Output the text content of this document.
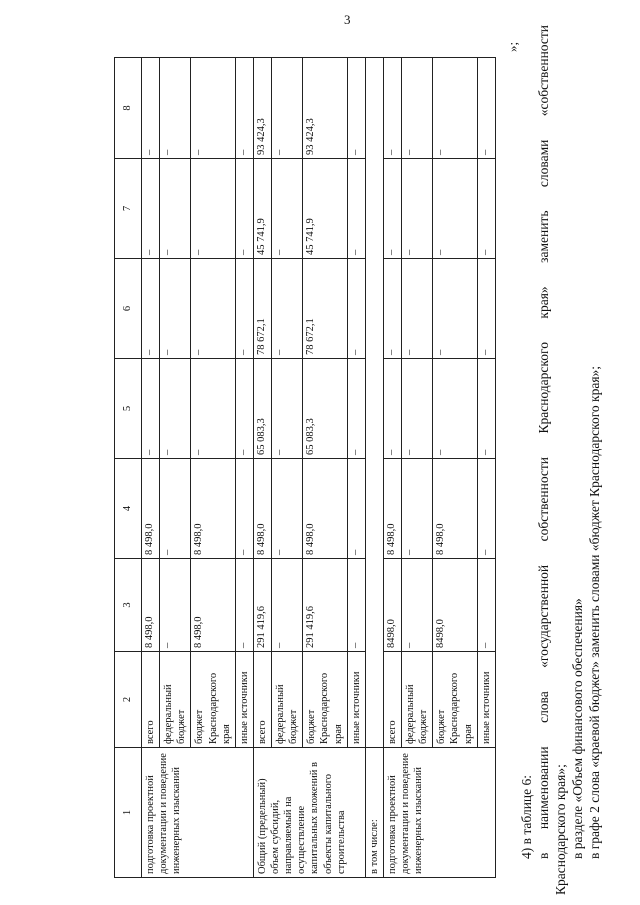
3
1	2	3	4	5	6	7	8
подготовка проектной документации и поведение инженерных изысканий	всего	8 498,0	8 498,0	–	–	–	–
	федеральный бюджет	–	–	–	–	–	–
	бюджет Краснодарского края	8 498,0	8 498,0	–	–	–	–
	иные источники	–	–	–	–	–	–
Общий (предельный) объем субсидий, направляемый на осуществление капитальных вложений в объекты капитального строительства	всего	291 419,6	8 498,0	65 083,3	78 672,1	45 741,9	93 424,3
	федеральный бюджет	–	–	–	–	–	–
	бюджет Краснодарского края	291 419,6	8 498,0	65 083,3	78 672,1	45 741,9	93 424,3
	иные источники	–	–	–	–	–	–
в том числе:							
подготовка проектной документации и поведение инженерных изысканий	всего	8498,0	8 498,0	–	–	–	–
	федеральный бюджет	–	–	–	–	–	–
	бюджет Краснодарского края	8498,0	8 498,0	–	–	–	–
	иные источники	–	–	–	–	–	–
»;

4) в таблице 6: в наименовании слова «государственной собственности Краснодарского края» заменить словами «собственности Краснодарского края»; в разделе «Объем финансового обеспечения» в графе 2 слова «краевой бюджет» заменить словами «бюджет Краснодарского края»;
